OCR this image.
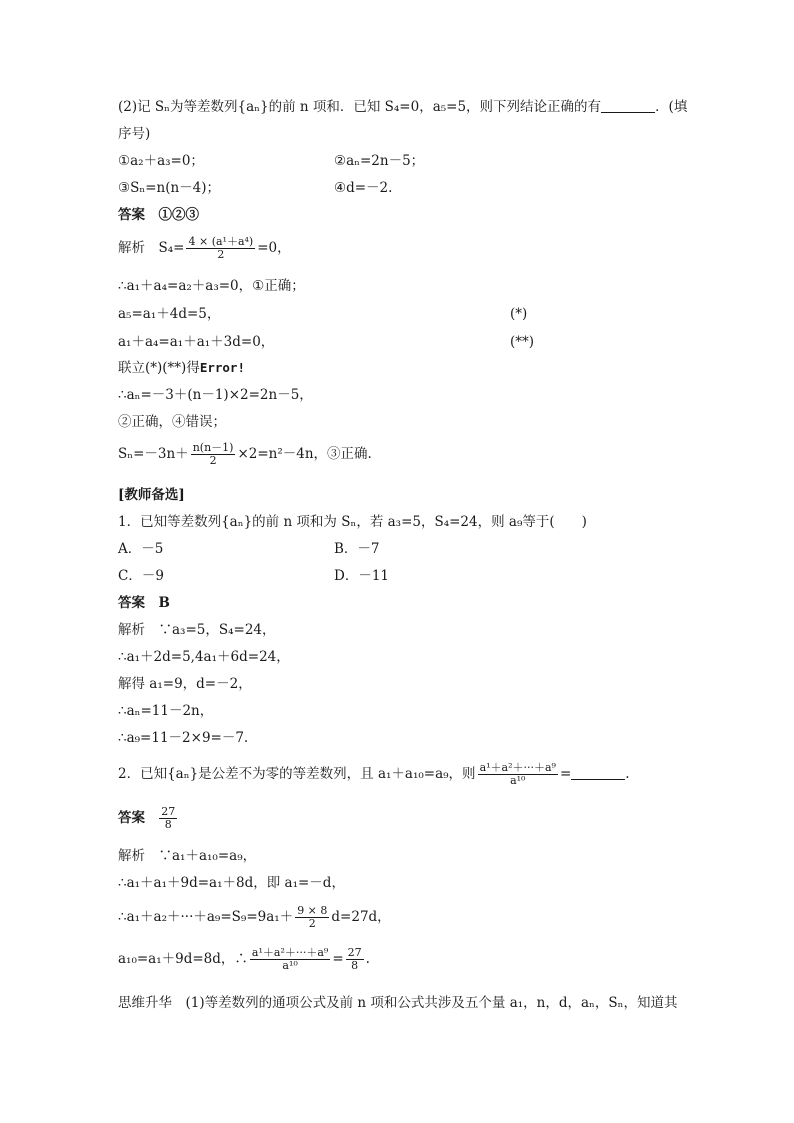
(2)记 Sₙ为等差数列{aₙ}的前 n 项和．已知 S₄=0，a₅=5，则下列结论正确的有	．(填
序号)
①a₂＋a₃=0；	②aₙ=2n－5；
③Sₙ=n(n－4)；	④d=－2.
答案　①②③
解析　$S_4= \frac{\text{4 × (a¹＋a⁴)}}{2} =0$，
∴a₁＋a₄=a₂＋a₃=0，①正确；
a₅=a₁＋4d=5，	(*)
a₁＋a₄=a₁＋a₁＋3d=0，	(**)
联立(*)(**)得Error!
∴aₙ=－3＋(n－1)×2=2n－5，
②正确，④错误；
$S_n=-3n+ \frac{n(n-1)}{2} \times 2=n^2-4n$，③正确.
[教师备选]
1．已知等差数列{aₙ}的前 n 项和为 Sₙ，若 a₃=5，S₄=24，则 a₉等于(　　)
A．－5	B．－7
C．－9	D．－11
答案　B
解析　∵a₃=5，S₄=24，
∴a₁＋2d=5,4a₁＋6d=24，
解得 a₁=9，d=－2，
∴aₙ=11－2n，
∴a₉=11－2×9=－7.
2．已知{aₙ}是公差不为零的等差数列，且 a₁＋a₁₀=a₉，则 $\frac{\text{a¹＋a²＋···＋a⁹}}{\text{a¹⁰}}$ =	.
答案 $\frac{27}{8}$
解析　∵a₁＋a₁₀=a₉，
∴a₁＋a₁＋9d=a₁＋8d，即 a₁=－d，
∴a₁＋a₂＋···＋a₉=S₉=9a₁＋ $\frac{9 \times 8}{2} d=27d$，
a₁₀=a₁＋9d=8d，∴ $\frac{\text{a¹＋a²＋···＋a⁹}}{\text{a¹⁰}} = \frac{27}{8}$ .
思维升华　(1)等差数列的通项公式及前 n 项和公式共涉及五个量 a₁，n，d，aₙ，Sₙ，知道其
